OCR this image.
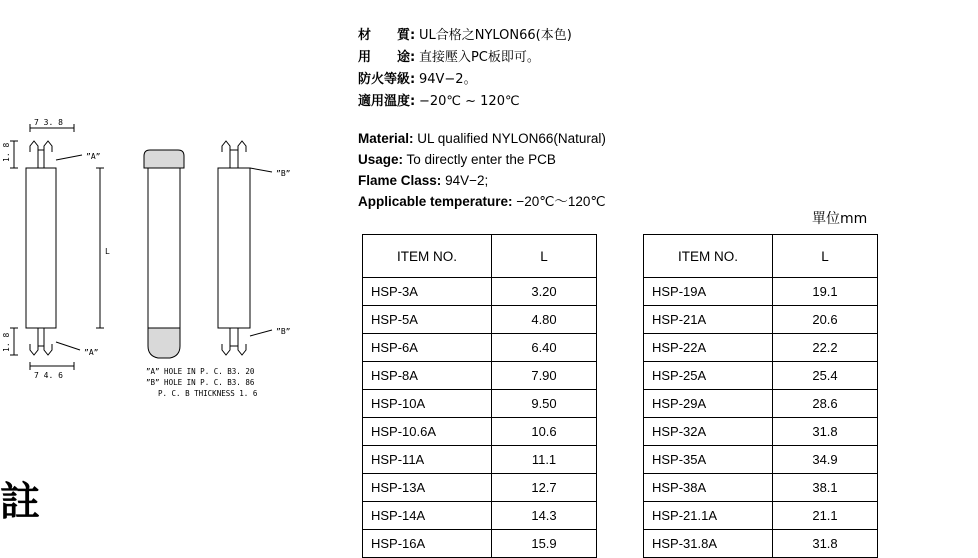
7 3. 8
7 4. 6
1. 8
1. 8
L
”A”
”A”
”B”
”B”
”A” HOLE IN P. C. B3. 20
”B” HOLE IN P. C. B3. 86
P. C. B THICKNESS 1. 6
材　　質: UL合格之NYLON66(本色)
用　　途: 直接壓入PC板即可。
防火等級: 94V−2。
適用溫度: −20℃ ~ 120℃
Material: UL qualified NYLON66(Natural)
Usage: To directly enter the PCB
Flame Class: 94V−2;
Applicable temperature: −20℃～120℃
單位mm
ITEM NO.	L
HSP-3A	3.20
HSP-5A	4.80
HSP-6A	6.40
HSP-8A	7.90
HSP-10A	9.50
HSP-10.6A	10.6
HSP-11A	11.1
HSP-13A	12.7
HSP-14A	14.3
HSP-16A	15.9
ITEM NO.	L
HSP-19A	19.1
HSP-21A	20.6
HSP-22A	22.2
HSP-25A	25.4
HSP-29A	28.6
HSP-32A	31.8
HSP-35A	34.9
HSP-38A	38.1
HSP-21.1A	21.1
HSP-31.8A	31.8
註
